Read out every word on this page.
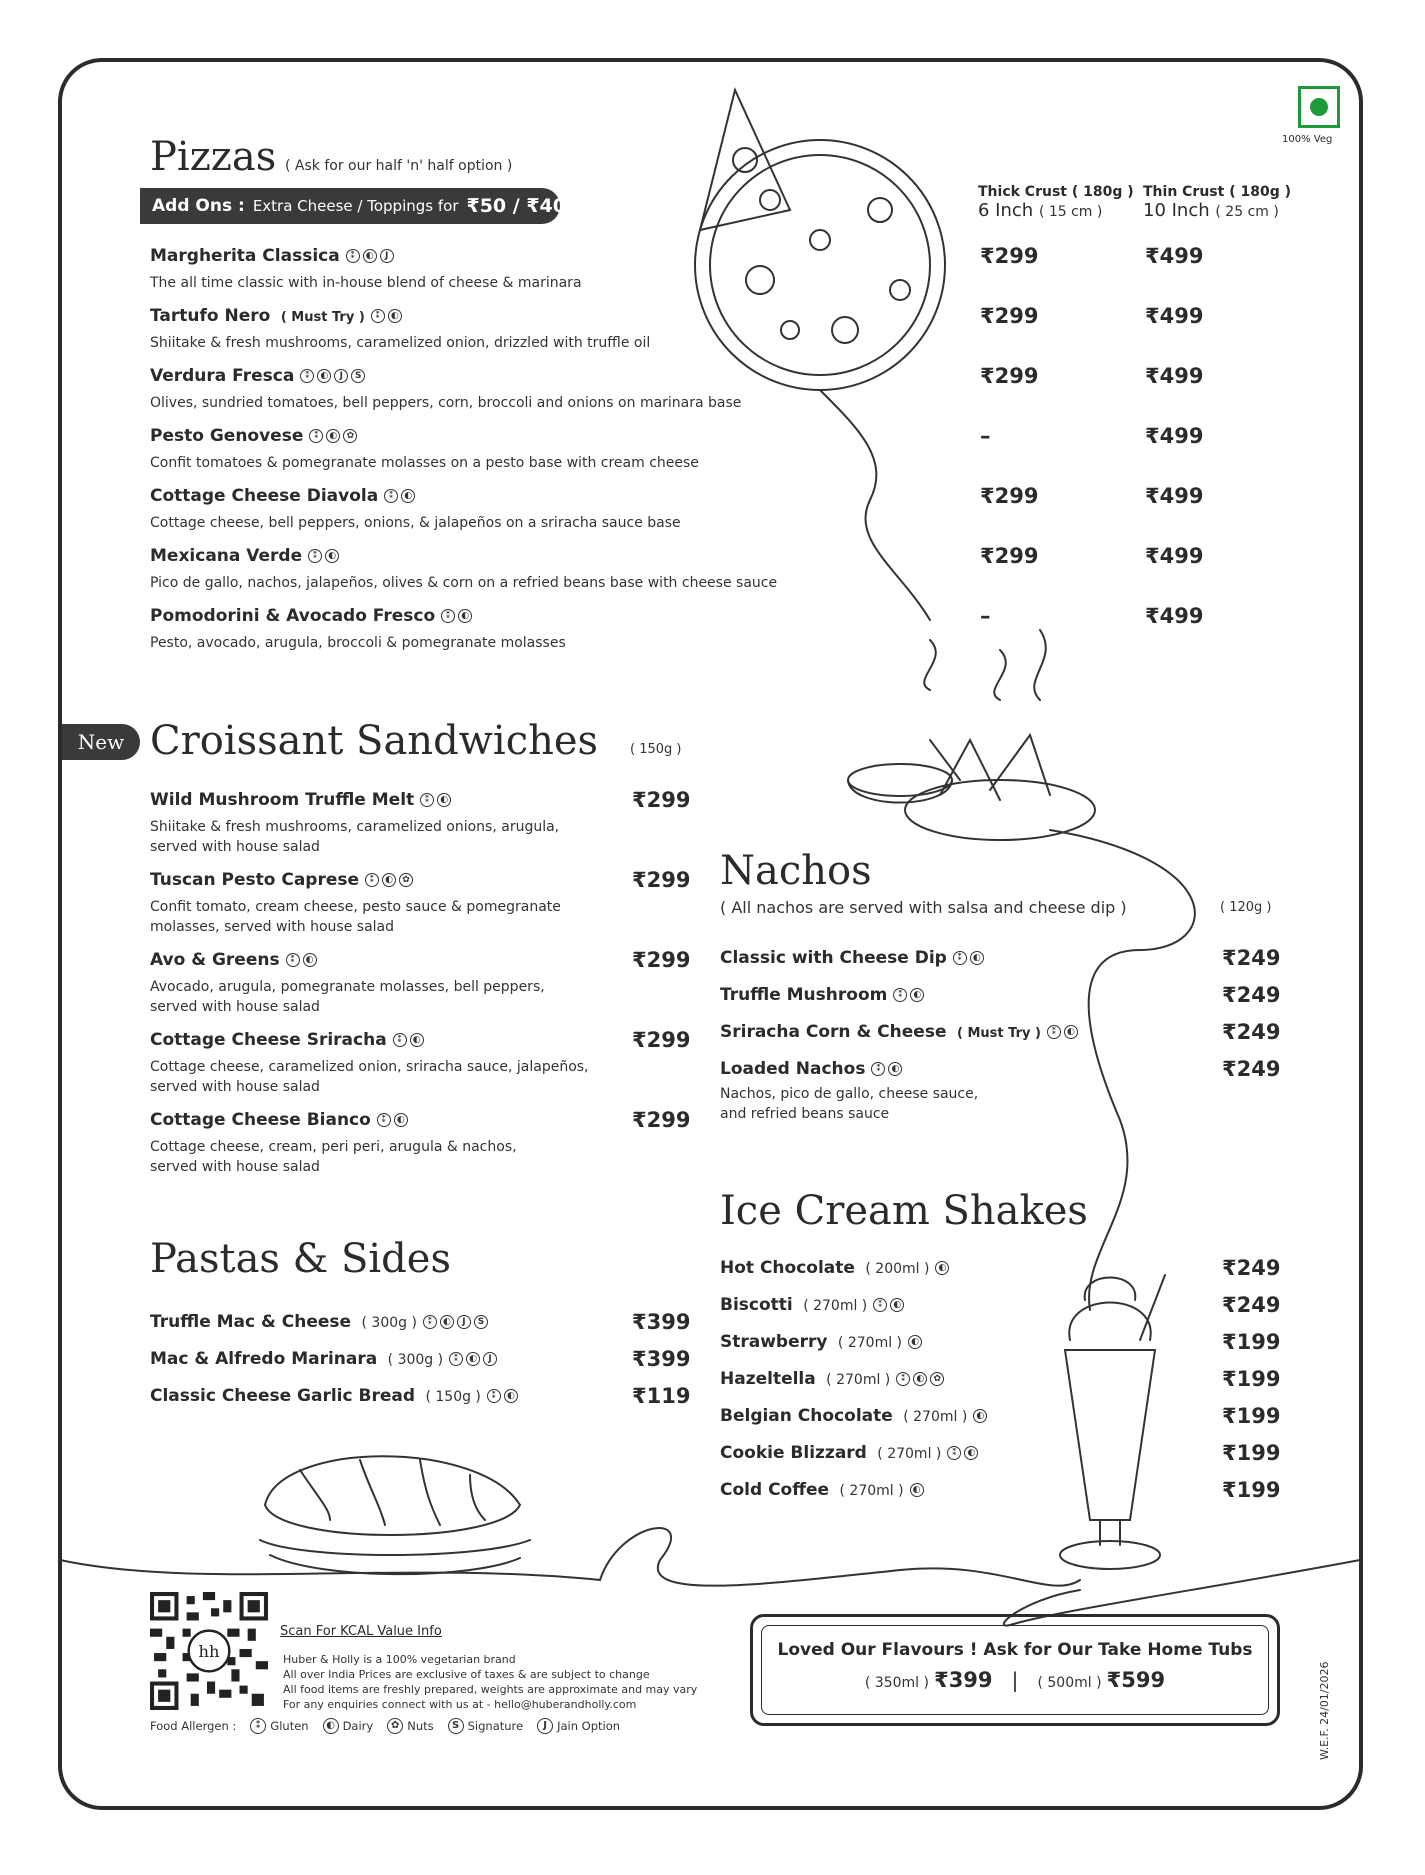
100% Veg
Pizzas ( Ask for our half 'n' half option )
Add Ons : Extra Cheese / Toppings for ₹50 / ₹40
Thick Crust ( 180g )
6 Inch ( 15 cm )
Thin Crust ( 180g )
10 Inch ( 25 cm )
Margherita Classica	⁑	◐	J
The all time classic with in-house blend of cheese & marinara
₹299	₹499
Tartufo Nero ( Must Try )	⁑	◐
Shiitake & fresh mushrooms, caramelized onion, drizzled with truffle oil
₹299	₹499
Verdura Fresca	⁑	◐	J	S
Olives, sundried tomatoes, bell peppers, corn, broccoli and onions on marinara base
₹299	₹499
Pesto Genovese	⁑	◐	✿
Confit tomatoes & pomegranate molasses on a pesto base with cream cheese
–	₹499
Cottage Cheese Diavola	⁑	◐
Cottage cheese, bell peppers, onions, & jalapeños on a sriracha sauce base
₹299	₹499
Mexicana Verde	⁑	◐
Pico de gallo, nachos, jalapeños, olives & corn on a refried beans base with cheese sauce
₹299	₹499
Pomodorini & Avocado Fresco	⁑	◐
Pesto, avocado, arugula, broccoli & pomegranate molasses
–	₹499
New Croissant Sandwiches ( 150g )
Wild Mushroom Truffle Melt	⁑	◐
Shiitake & fresh mushrooms, caramelized onions, arugula,
served with house salad
₹299
Tuscan Pesto Caprese	⁑	◐	✿
Confit tomato, cream cheese, pesto sauce & pomegranate
molasses, served with house salad
₹299
Avo & Greens	⁑	◐
Avocado, arugula, pomegranate molasses, bell peppers,
served with house salad
₹299
Cottage Cheese Sriracha	⁑	◐
Cottage cheese, caramelized onion, sriracha sauce, jalapeños,
served with house salad
₹299
Cottage Cheese Bianco	⁑	◐
Cottage cheese, cream, peri peri, arugula & nachos,
served with house salad
₹299
Pastas & Sides
Truffle Mac & Cheese ( 300g )	⁑	◐	J	S	₹399
Mac & Alfredo Marinara ( 300g )	⁑	◐	J	₹399
Classic Cheese Garlic Bread ( 150g )	⁑	◐	₹119
Nachos
( All nachos are served with salsa and cheese dip )	( 120g )
Classic with Cheese Dip	⁑	◐	₹249
Truffle Mushroom	⁑	◐	₹249
Sriracha Corn & Cheese ( Must Try )	⁑	◐	₹249
Loaded Nachos	⁑	◐	₹249
Nachos, pico de gallo, cheese sauce,
and refried beans sauce
Ice Cream Shakes
Hot Chocolate ( 200ml )	◐	₹249
Biscotti ( 270ml )	⁑	◐	₹249
Strawberry ( 270ml )	◐	₹199
Hazeltella ( 270ml )	⁑	◐	✿	₹199
Belgian Chocolate ( 270ml )	◐	₹199
Cookie Blizzard ( 270ml )	⁑	◐	₹199
Cold Coffee ( 270ml )	◐	₹199
Loved Our Flavours ! Ask for Our Take Home Tubs
( 350ml ) ₹399 | ( 500ml ) ₹599
hh
Scan For KCAL Value Info
Huber & Holly is a 100% vegetarian brand
All over India Prices are exclusive of taxes & are subject to change
All food items are freshly prepared, weights are approximate and may vary
For any enquiries connect with us at - hello@huberandholly.com
Food Allergen :	⁑ Gluten	◐ Dairy	✿ Nuts	S Signature	J Jain Option	W.E.F. 24/01/2026
